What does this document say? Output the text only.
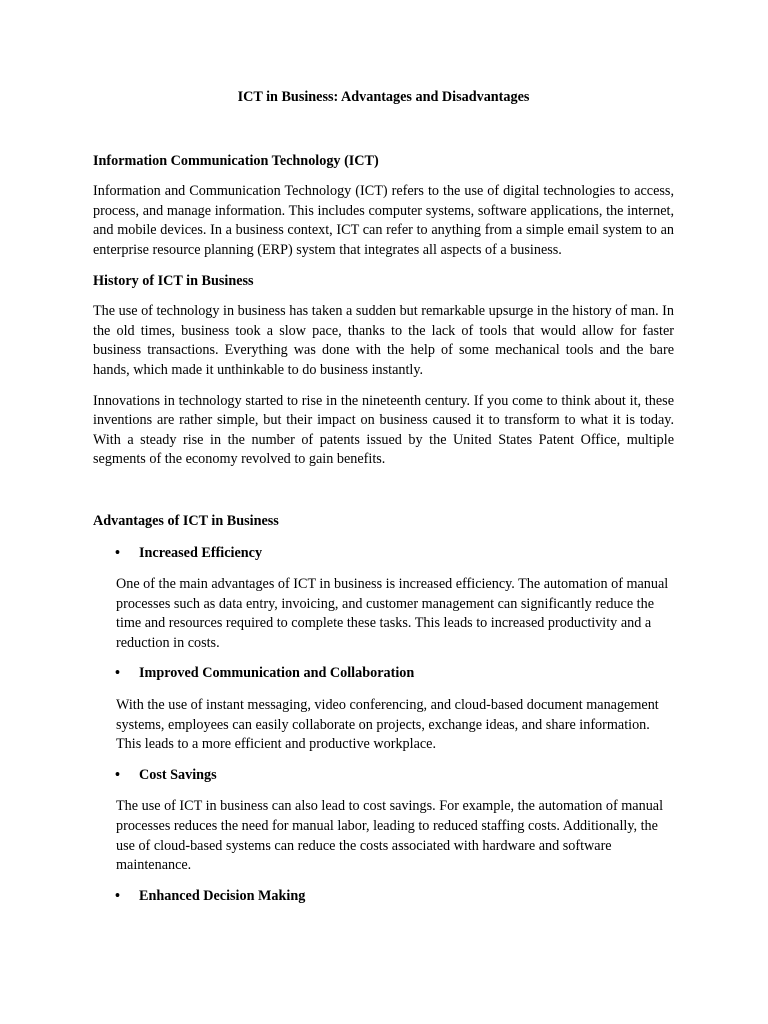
ICT in Business: Advantages and Disadvantages

Information Communication Technology (ICT)

Information and Communication Technology (ICT) refers to the use of digital technologies to access, process, and manage information. This includes computer systems, software applications, the internet, and mobile devices. In a business context, ICT can refer to anything from a simple email system to an enterprise resource planning (ERP) system that integrates all aspects of a business.

History of ICT in Business

The use of technology in business has taken a sudden but remarkable upsurge in the history of man. In the old times, business took a slow pace, thanks to the lack of tools that would allow for faster business transactions. Everything was done with the help of some mechanical tools and the bare hands, which made it unthinkable to do business instantly.

Innovations in technology started to rise in the nineteenth century. If you come to think about it, these inventions are rather simple, but their impact on business caused it to transform to what it is today. With a steady rise in the number of patents issued by the United States Patent Office, multiple segments of the economy revolved to gain benefits.

Advantages of ICT in Business

• Increased Efficiency

One of the main advantages of ICT in business is increased efficiency. The automation of manual processes such as data entry, invoicing, and customer management can significantly reduce the time and resources required to complete these tasks. This leads to increased productivity and a reduction in costs.

• Improved Communication and Collaboration

With the use of instant messaging, video conferencing, and cloud-based document management systems, employees can easily collaborate on projects, exchange ideas, and share information. This leads to a more efficient and productive workplace.

• Cost Savings

The use of ICT in business can also lead to cost savings. For example, the automation of manual processes reduces the need for manual labor, leading to reduced staffing costs. Additionally, the use of cloud-based systems can reduce the costs associated with hardware and software maintenance.

• Enhanced Decision Making
